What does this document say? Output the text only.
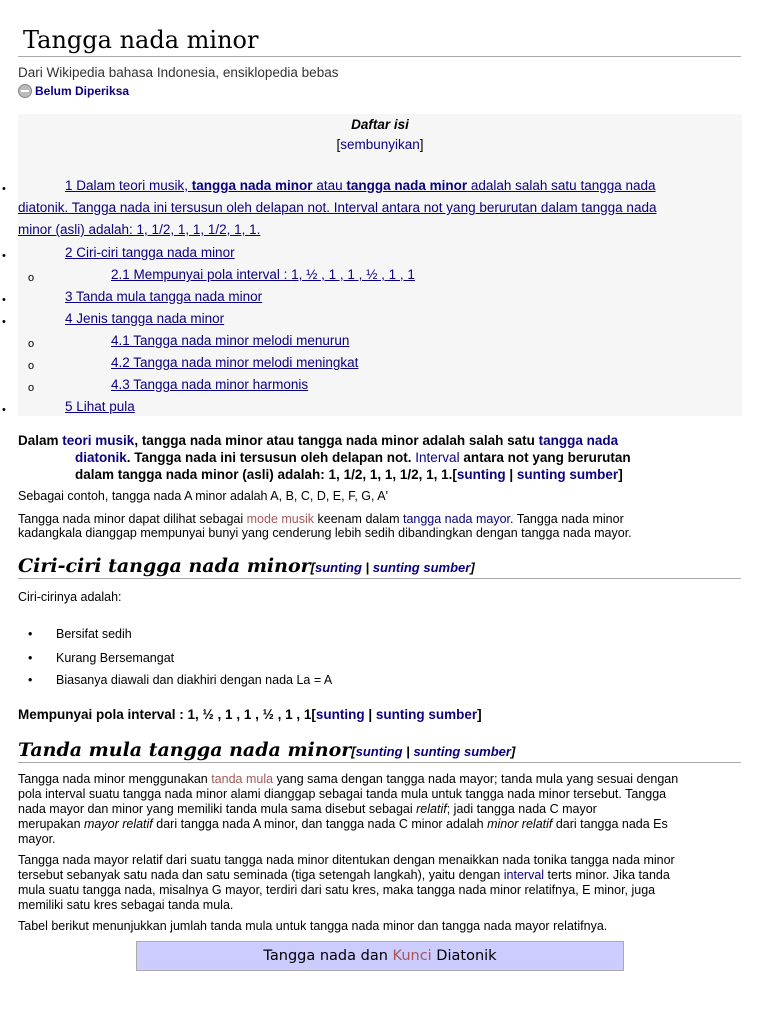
Tangga nada minor
Dari Wikipedia bahasa Indonesia, ensiklopedia bebas
Belum Diperiksa
Daftar isi
[sembunyikan]
•	1 Dalam teori musik, tangga nada minor atau tangga nada minor adalah salah satu tangga nada
diatonik. Tangga nada ini tersusun oleh delapan not. Interval antara not yang berurutan dalam tangga nada
minor (asli) adalah: 1, 1/2, 1, 1, 1/2, 1, 1.
•	2 Ciri-ciri tangga nada minor
o	2.1 Mempunyai pola interval : 1, ½ , 1 , 1 , ½ , 1 , 1
•	3 Tanda mula tangga nada minor
•	4 Jenis tangga nada minor
o	4.1 Tangga nada minor melodi menurun
o	4.2 Tangga nada minor melodi meningkat
o	4.3 Tangga nada minor harmonis
•	5 Lihat pula
Dalam teori musik, tangga nada minor atau tangga nada minor adalah salah satu tangga nada
diatonik. Tangga nada ini tersusun oleh delapan not. Interval antara not yang berurutan
dalam tangga nada minor (asli) adalah: 1, 1/2, 1, 1, 1/2, 1, 1.[sunting | sunting sumber]
Sebagai contoh, tangga nada A minor adalah A, B, C, D, E, F, G, A'
Tangga nada minor dapat dilihat sebagai mode musik keenam dalam tangga nada mayor. Tangga nada minor
kadangkala dianggap mempunyai bunyi yang cenderung lebih sedih dibandingkan dengan tangga nada mayor.
Ciri-ciri tangga nada minor[sunting | sunting sumber]
Ciri-cirinya adalah:
• Bersifat sedih
• Kurang Bersemangat
• Biasanya diawali dan diakhiri dengan nada La = A
Mempunyai pola interval : 1, ½ , 1 , 1 , ½ , 1 , 1[sunting | sunting sumber]
Tanda mula tangga nada minor[sunting | sunting sumber]
Tangga nada minor menggunakan tanda mula yang sama dengan tangga nada mayor; tanda mula yang sesuai dengan
pola interval suatu tangga nada minor alami dianggap sebagai tanda mula untuk tangga nada minor tersebut. Tangga
nada mayor dan minor yang memiliki tanda mula sama disebut sebagai relatif; jadi tangga nada C mayor
merupakan mayor relatif dari tangga nada A minor, dan tangga nada C minor adalah minor relatif dari tangga nada Es
mayor.
Tangga nada mayor relatif dari suatu tangga nada minor ditentukan dengan menaikkan nada tonika tangga nada minor
tersebut sebanyak satu nada dan satu seminada (tiga setengah langkah), yaitu dengan interval terts minor. Jika tanda
mula suatu tangga nada, misalnya G mayor, terdiri dari satu kres, maka tangga nada minor relatifnya, E minor, juga
memiliki satu kres sebagai tanda mula.
Tabel berikut menunjukkan jumlah tanda mula untuk tangga nada minor dan tangga nada mayor relatifnya.
Tangga nada dan Kunci Diatonik
